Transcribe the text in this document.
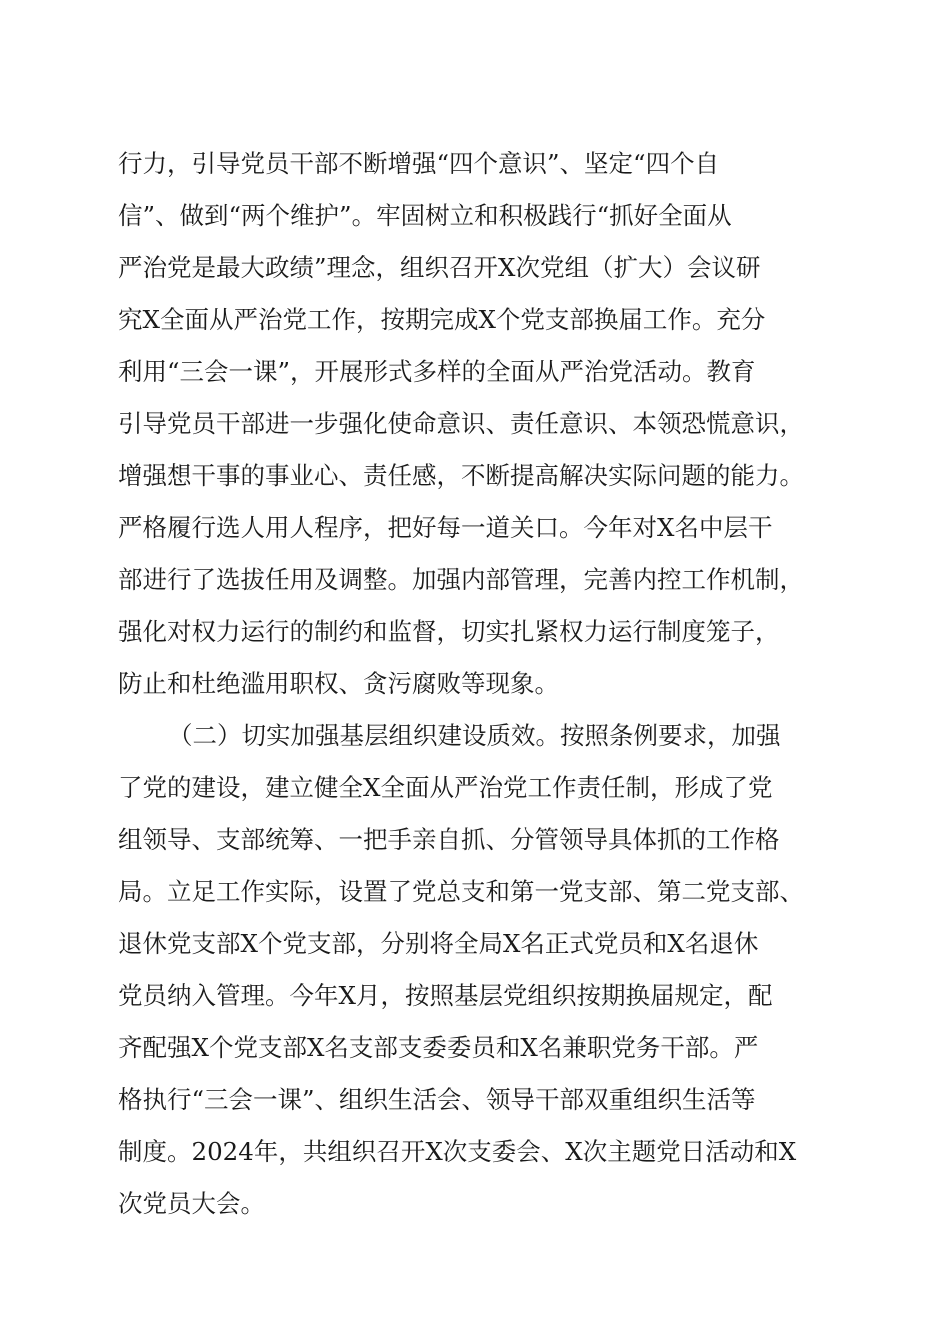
行力，引导党员干部不断增强“四个意识”、坚定“四个自
信”、做到“两个维护”。牢固树立和积极践行“抓好全面从
严治党是最大政绩”理念，组织召开X次党组（扩大）会议研
究X全面从严治党工作，按期完成X个党支部换届工作。充分
利用“三会一课”，开展形式多样的全面从严治党活动。教育
引导党员干部进一步强化使命意识、责任意识、本领恐慌意识，
增强想干事的事业心、责任感，不断提高解决实际问题的能力。
严格履行选人用人程序，把好每一道关口。今年对X名中层干
部进行了选拔任用及调整。加强内部管理，完善内控工作机制，
强化对权力运行的制约和监督，切实扎紧权力运行制度笼子，
防止和杜绝滥用职权、贪污腐败等现象。
（二）切实加强基层组织建设质效。按照条例要求，加强
了党的建设，建立健全X全面从严治党工作责任制，形成了党
组领导、支部统筹、一把手亲自抓、分管领导具体抓的工作格
局。立足工作实际，设置了党总支和第一党支部、第二党支部、
退休党支部X个党支部，分别将全局X名正式党员和X名退休
党员纳入管理。今年X月，按照基层党组织按期换届规定，配
齐配强X个党支部X名支部支委委员和X名兼职党务干部。严
格执行“三会一课”、组织生活会、领导干部双重组织生活等
制度。2024年，共组织召开X次支委会、X次主题党日活动和X
次党员大会。
